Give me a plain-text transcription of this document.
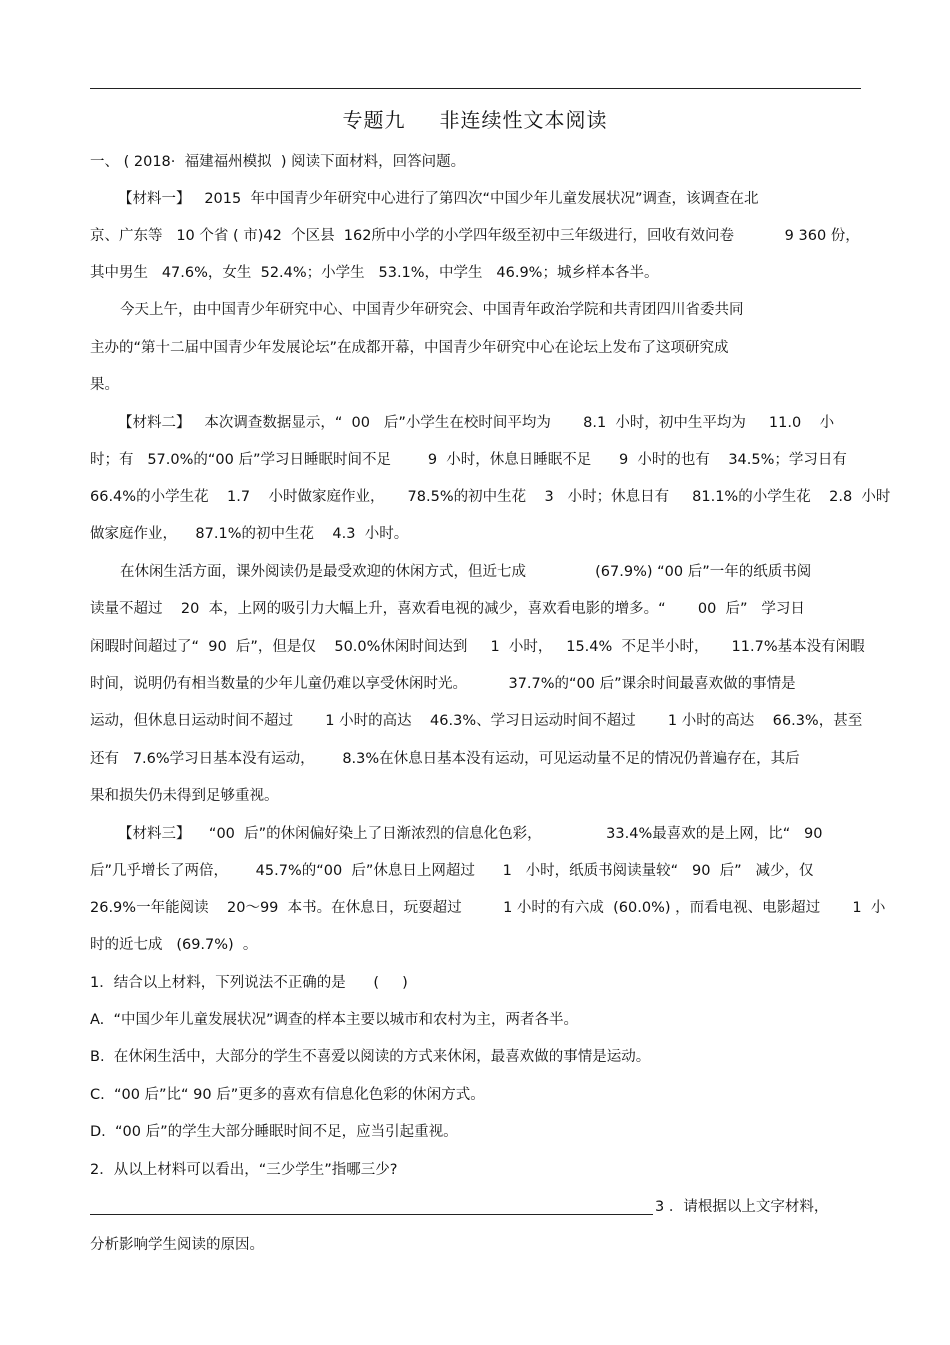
专题九 非连续性文本阅读
一、 ( 2018·  福建福州模拟  ) 阅读下面材料，回答问题。
【材料一】   2015  年中国青少年研究中心进行了第四次“中国少年儿童发展状况”调查，该调查在北
京、广东等   10 个省 ( 市)42  个区县  162所中小学的小学四年级至初中三年级进行，回收有效问卷           9 360 份，
其中男生   47.6%，女生  52.4%；小学生   53.1%，中学生   46.9%；城乡样本各半。
今天上午，由中国青少年研究中心、中国青少年研究会、中国青年政治学院和共青团四川省委共同
主办的“第十二届中国青少年发展论坛”在成都开幕，中国青少年研究中心在论坛上发布了这项研究成
果。
【材料二】   本次调查数据显示，“  00   后”小学生在校时间平均为       8.1  小时，初中生平均为     11.0    小
时；有   57.0%的“00 后”学习日睡眠时间不足        9  小时，休息日睡眠不足      9  小时的也有    34.5%；学习日有
66.4%的小学生花    1.7    小时做家庭作业，     78.5%的初中生花    3   小时；休息日有     81.1%的小学生花    2.8  小时
做家庭作业，    87.1%的初中生花    4.3  小时。
在休闲生活方面，课外阅读仍是最受欢迎的休闲方式，但近七成               (67.9%) “00 后”一年的纸质书阅
读量不超过    20  本，上网的吸引力大幅上升，喜欢看电视的减少，喜欢看电影的增多。“       00  后”   学习日
闲暇时间超过了“  90  后”，但是仅    50.0%休闲时间达到     1  小时，   15.4%  不足半小时，     11.7%基本没有闲暇
时间，说明仍有相当数量的少年儿童仍难以享受休闲时光。         37.7%的“00 后”课余时间最喜欢做的事情是
运动，但休息日运动时间不超过       1 小时的高达    46.3%、学习日运动时间不超过       1 小时的高达    66.3%，甚至
还有   7.6%学习日基本没有运动，      8.3%在休息日基本没有运动，可见运动量不足的情况仍普遍存在，其后
果和损失仍未得到足够重视。
【材料三】    “00  后”的休闲偏好染上了日渐浓烈的信息化色彩，              33.4%最喜欢的是上网，比“   90
后”几乎增长了两倍，      45.7%的“00  后”休息日上网超过      1   小时，纸质书阅读量较“   90  后”   减少，仅
26.9%一年能阅读    20～99  本书。在休息日，玩耍超过         1 小时的有六成  (60.0%) ，而看电视、电影超过       1  小
时的近七成   (69.7%)  。
1．结合以上材料，下列说法不正确的是      (     )
A.  “中国少年儿童发展状况”调查的样本主要以城市和农村为主，两者各半。
B.  在休闲生活中，大部分的学生不喜爱以阅读的方式来休闲，最喜欢做的事情是运动。
C.  “00 后”比“ 90 后”更多的喜欢有信息化色彩的休闲方式。
D.  “00 后”的学生大部分睡眠时间不足，应当引起重视。
2．从以上材料可以看出，“三少学生”指哪三少?
3 ．请根据以上文字材料，
分析影响学生阅读的原因。
